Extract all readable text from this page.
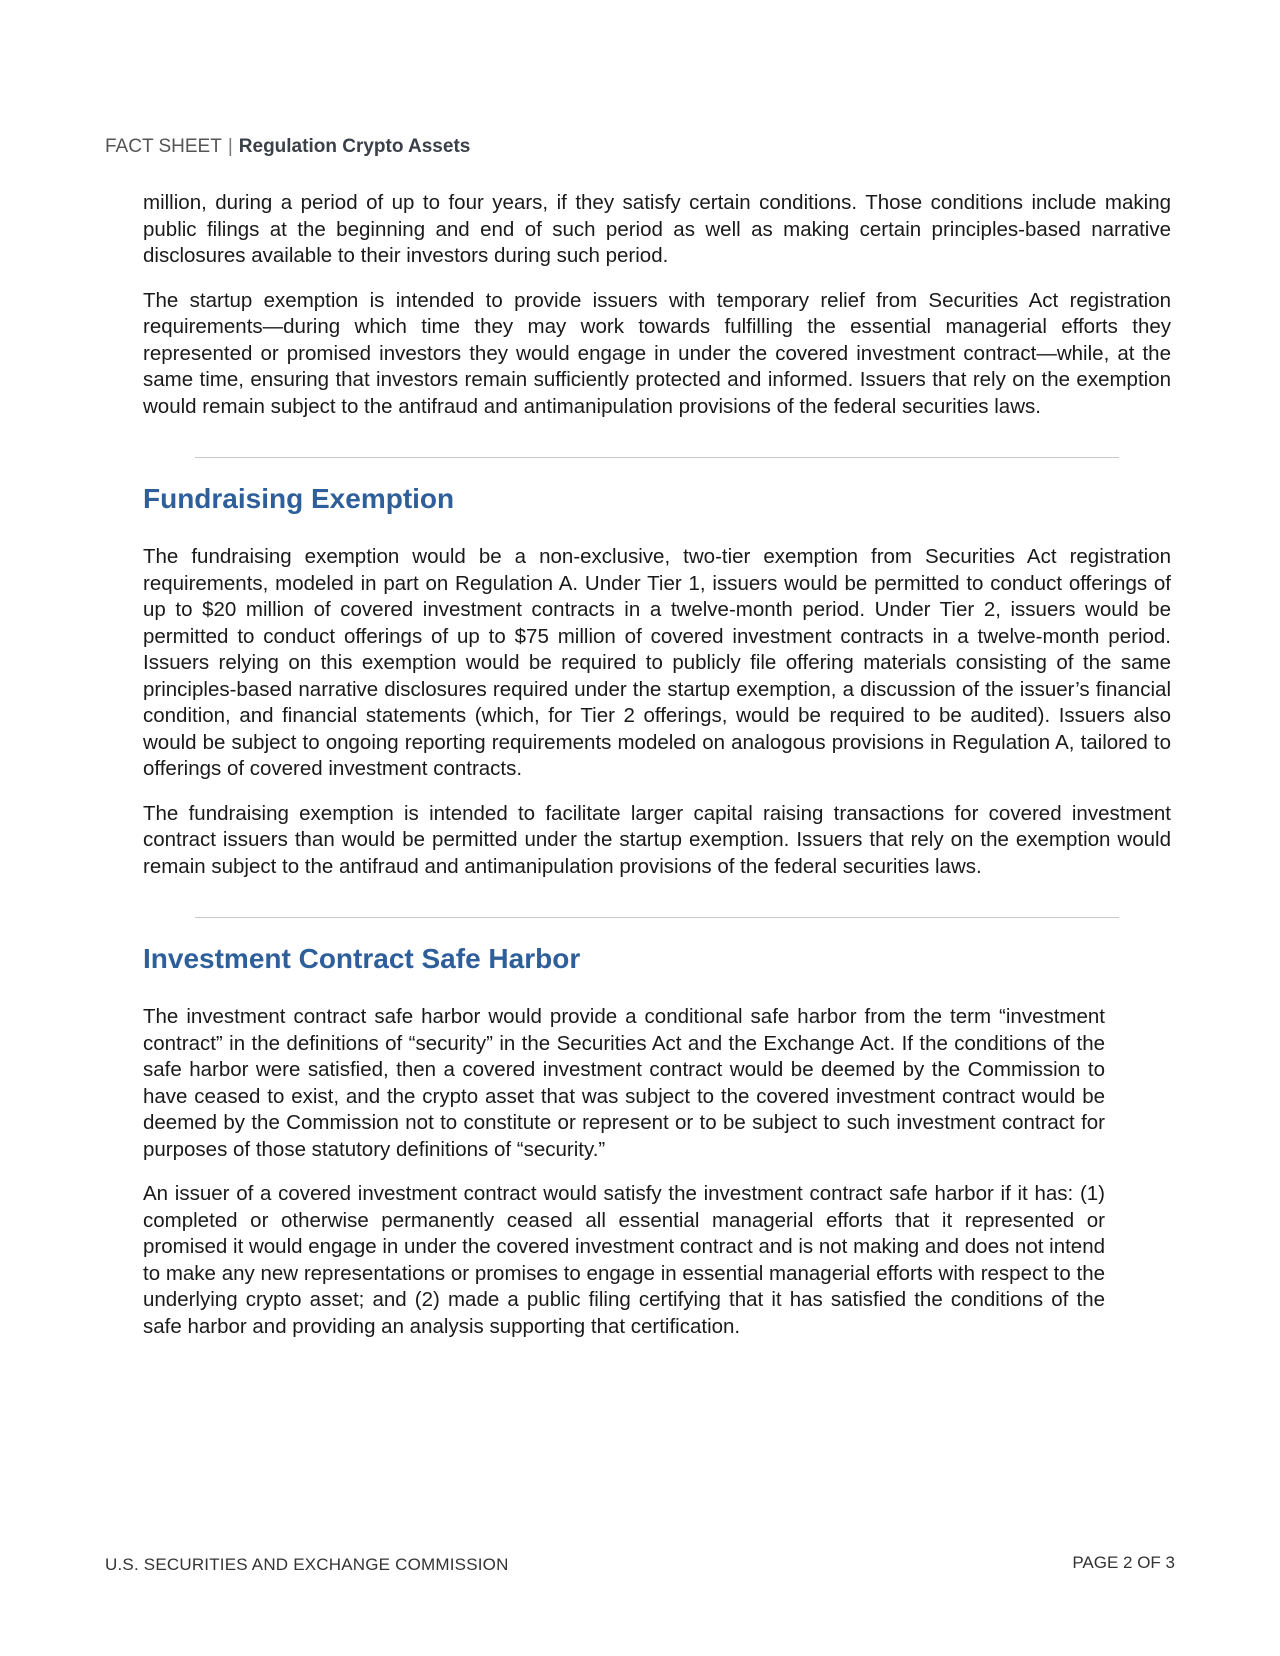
FACT SHEET | Regulation Crypto Assets

million, during a period of up to four years, if they satisfy certain conditions. Those conditions include making public filings at the beginning and end of such period as well as making certain principles-based narrative disclosures available to their investors during such period.

The startup exemption is intended to provide issuers with temporary relief from Securities Act registration requirements—during which time they may work towards fulfilling the essential managerial efforts they represented or promised investors they would engage in under the covered investment contract—while, at the same time, ensuring that investors remain sufficiently protected and informed. Issuers that rely on the exemption would remain subject to the antifraud and antimanipulation provisions of the federal securities laws.

Fundraising Exemption

The fundraising exemption would be a non-exclusive, two-tier exemption from Securities Act registration requirements, modeled in part on Regulation A. Under Tier 1, issuers would be permitted to conduct offerings of up to $20 million of covered investment contracts in a twelve-month period. Under Tier 2, issuers would be permitted to conduct offerings of up to $75 million of covered investment contracts in a twelve-month period. Issuers relying on this exemption would be required to publicly file offering materials consisting of the same principles-based narrative disclosures required under the startup exemption, a discussion of the issuer’s financial condition, and financial statements (which, for Tier 2 offerings, would be required to be audited). Issuers also would be subject to ongoing reporting requirements modeled on analogous provisions in Regulation A, tailored to offerings of covered investment contracts.

The fundraising exemption is intended to facilitate larger capital raising transactions for covered investment contract issuers than would be permitted under the startup exemption. Issuers that rely on the exemption would remain subject to the antifraud and antimanipulation provisions of the federal securities laws.

Investment Contract Safe Harbor

The investment contract safe harbor would provide a conditional safe harbor from the term “investment contract” in the definitions of “security” in the Securities Act and the Exchange Act. If the conditions of the safe harbor were satisfied, then a covered investment contract would be deemed by the Commission to have ceased to exist, and the crypto asset that was subject to the covered investment contract would be deemed by the Commission not to constitute or represent or to be subject to such investment contract for purposes of those statutory definitions of “security.”

An issuer of a covered investment contract would satisfy the investment contract safe harbor if it has: (1) completed or otherwise permanently ceased all essential managerial efforts that it represented or promised it would engage in under the covered investment contract and is not making and does not intend to make any new representations or promises to engage in essential managerial efforts with respect to the underlying crypto asset; and (2) made a public filing certifying that it has satisfied the conditions of the safe harbor and providing an analysis supporting that certification.

U.S. SECURITIES AND EXCHANGE COMMISSION	PAGE 2 OF 3
